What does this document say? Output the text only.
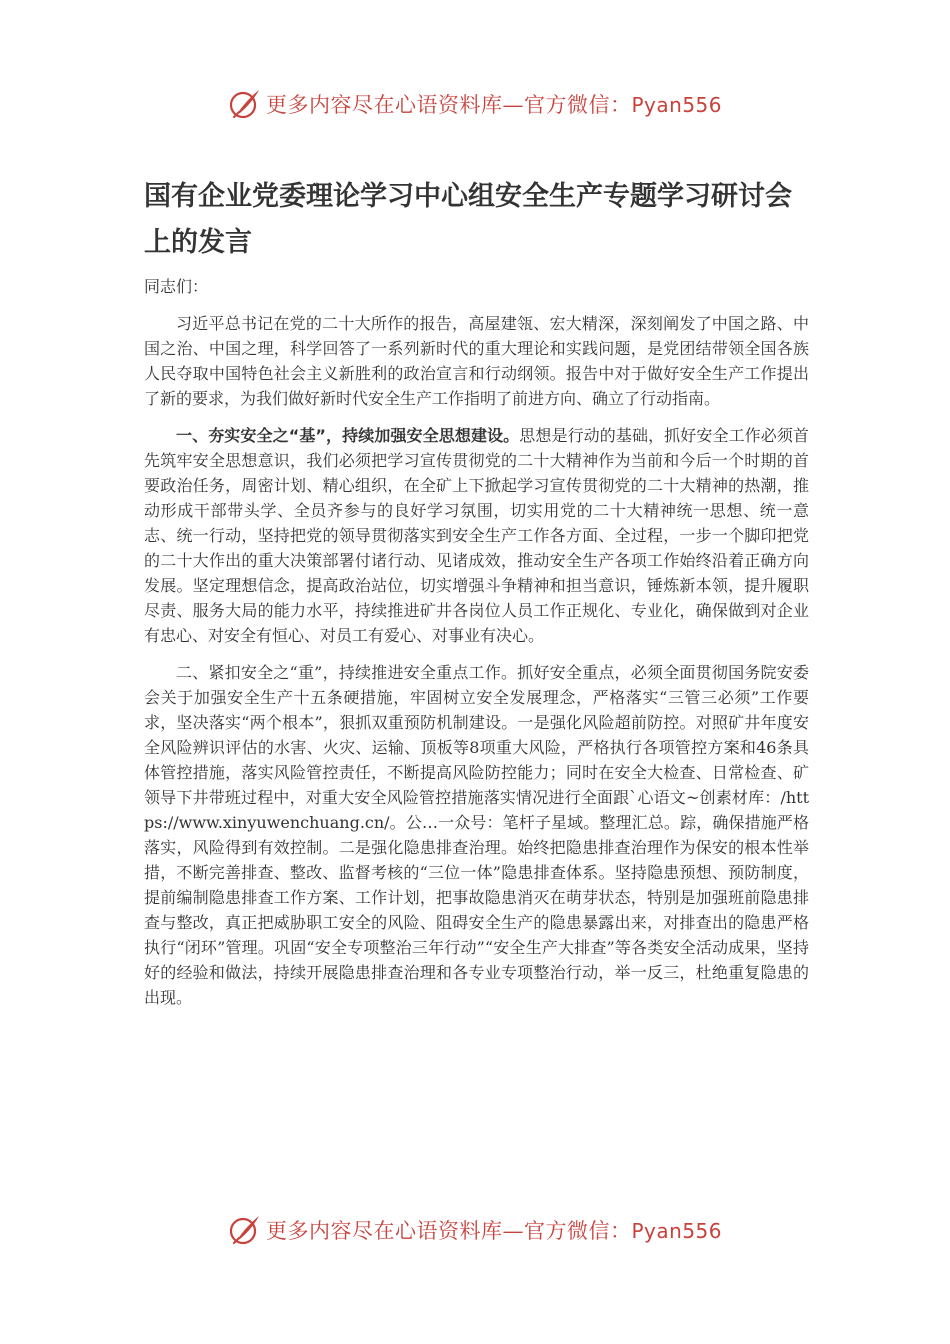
更多内容尽在心语资料库—官方微信：Pyan556
国有企业党委理论学习中心组安全生产专题学习研讨会上的发言

同志们：

习近平总书记在党的二十大所作的报告，高屋建瓴、宏大精深，深刻阐发了中国之路、中国之治、中国之理，科学回答了一系列新时代的重大理论和实践问题，是党团结带领全国各族人民夺取中国特色社会主义新胜利的政治宣言和行动纲领。报告中对于做好安全生产工作提出了新的要求，为我们做好新时代安全生产工作指明了前进方向、确立了行动指南。

一、夯实安全之“基”，持续加强安全思想建设。思想是行动的基础，抓好安全工作必须首先筑牢安全思想意识，我们必须把学习宣传贯彻党的二十大精神作为当前和今后一个时期的首要政治任务，周密计划、精心组织，在全矿上下掀起学习宣传贯彻党的二十大精神的热潮，推动形成干部带头学、全员齐参与的良好学习氛围，切实用党的二十大精神统一思想、统一意志、统一行动，坚持把党的领导贯彻落实到安全生产工作各方面、全过程，一步一个脚印把党的二十大作出的重大决策部署付诸行动、见诸成效，推动安全生产各项工作始终沿着正确方向发展。坚定理想信念，提高政治站位，切实增强斗争精神和担当意识，锤炼新本领，提升履职尽责、服务大局的能力水平，持续推进矿井各岗位人员工作正规化、专业化，确保做到对企业有忠心、对安全有恒心、对员工有爱心、对事业有决心。

二、紧扣安全之“重”，持续推进安全重点工作。抓好安全重点，必须全面贯彻国务院安委会关于加强安全生产十五条硬措施，牢固树立安全发展理念，严格落实“三管三必须”工作要求，坚决落实“两个根本”，狠抓双重预防机制建设。一是强化风险超前防控。对照矿井年度安全风险辨识评估的水害、火灾、运输、顶板等8项重大风险，严格执行各项管控方案和46条具体管控措施，落实风险管控责任，不断提高风险防控能力；同时在安全大检查、日常检查、矿领导下井带班过程中，对重大安全风险管控措施落实情况进行全面跟`心语文~创素材库：/https://www.xinyuwenchuang.cn/。公…一众号：笔杆子星域。整理汇总。踪，确保措施严格落实，风险得到有效控制。二是强化隐患排查治理。始终把隐患排查治理作为保安的根本性举措，不断完善排查、整改、监督考核的“三位一体”隐患排查体系。坚持隐患预想、预防制度，提前编制隐患排查工作方案、工作计划，把事故隐患消灭在萌芽状态，特别是加强班前隐患排查与整改，真正把威胁职工安全的风险、阻碍安全生产的隐患暴露出来，对排查出的隐患严格执行“闭环”管理。巩固“安全专项整治三年行动”“安全生产大排查”等各类安全活动成果，坚持好的经验和做法，持续开展隐患排查治理和各专业专项整治行动，举一反三，杜绝重复隐患的出现。

更多内容尽在心语资料库—官方微信：Pyan556
